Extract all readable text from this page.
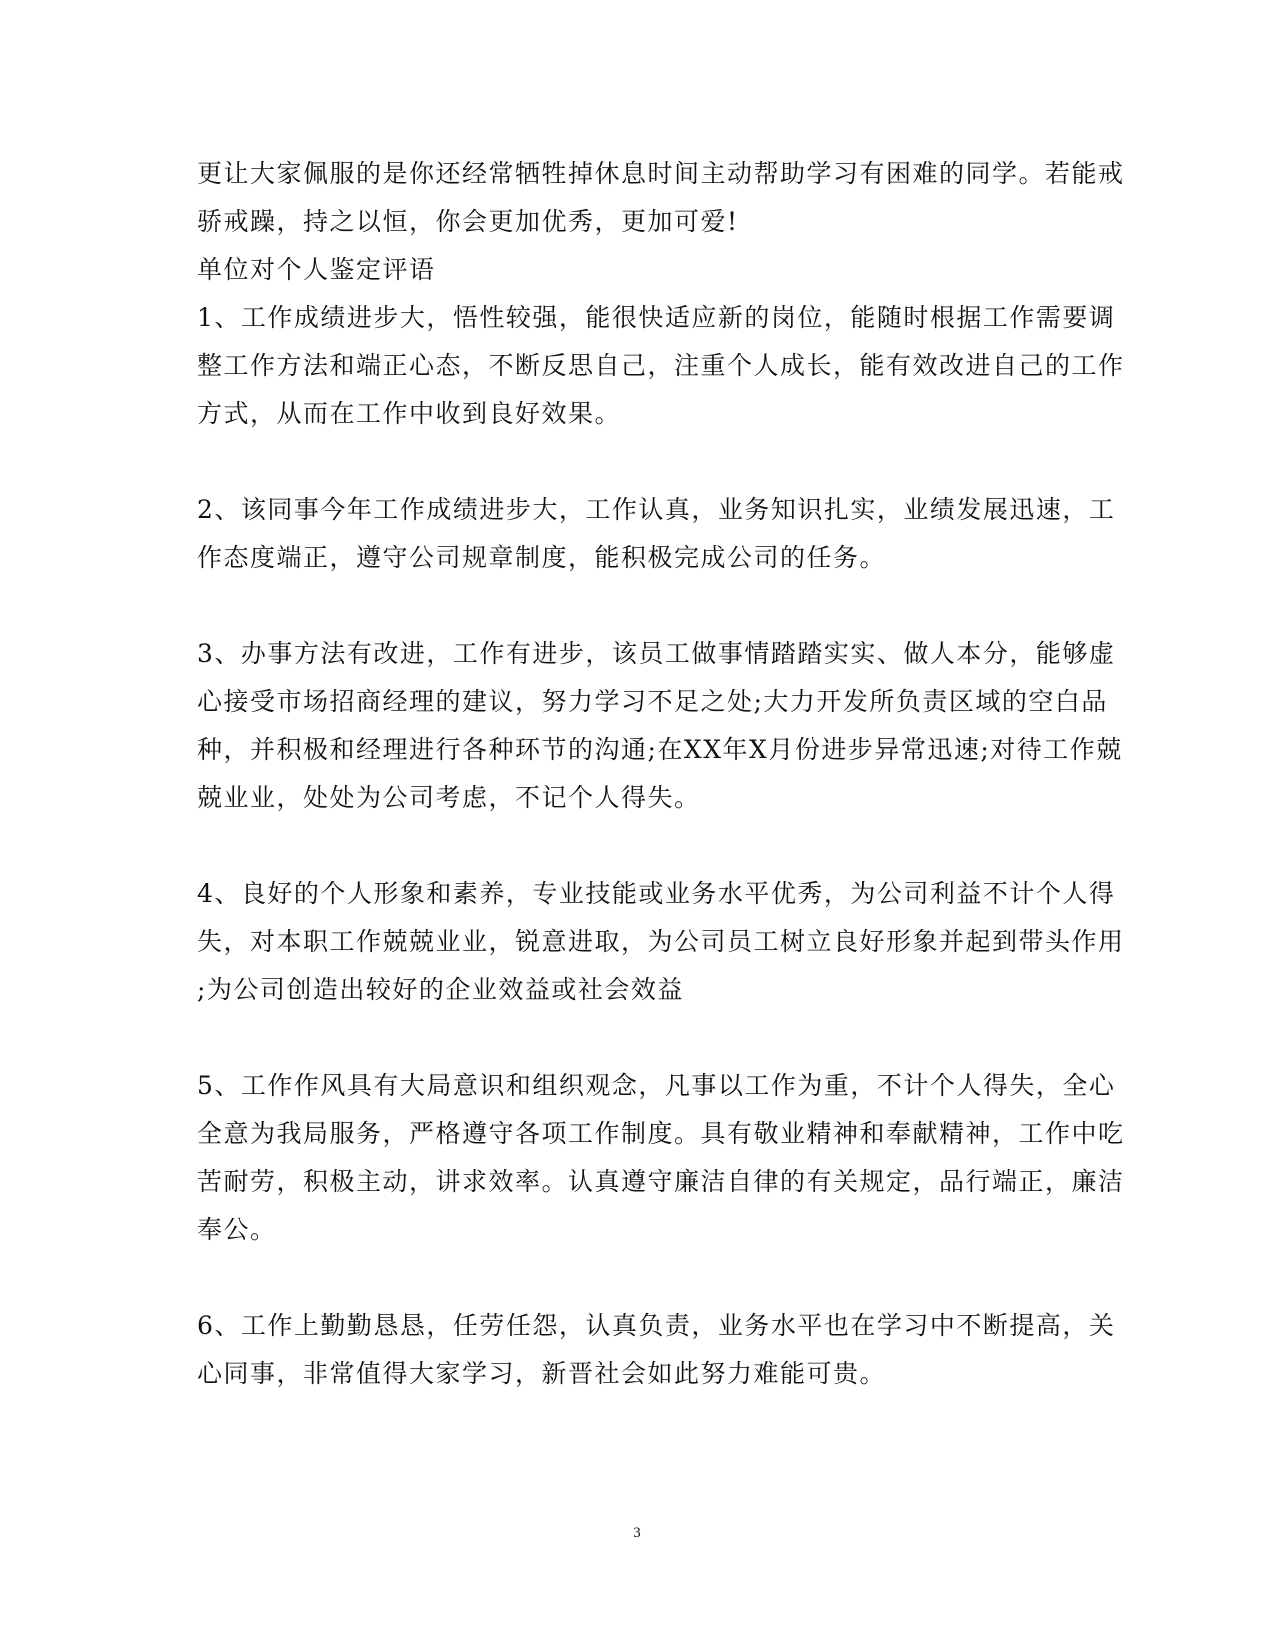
更让大家佩服的是你还经常牺牲掉休息时间主动帮助学习有困难的同学。若能戒

骄戒躁，持之以恒，你会更加优秀，更加可爱!

单位对个人鉴定评语

1、工作成绩进步大，悟性较强，能很快适应新的岗位，能随时根据工作需要调

整工作方法和端正心态，不断反思自己，注重个人成长，能有效改进自己的工作

方式，从而在工作中收到良好效果。

2、该同事今年工作成绩进步大，工作认真，业务知识扎实，业绩发展迅速，工

作态度端正，遵守公司规章制度，能积极完成公司的任务。

3、办事方法有改进，工作有进步，该员工做事情踏踏实实、做人本分，能够虚

心接受市场招商经理的建议，努力学习不足之处;大力开发所负责区域的空白品

种，并积极和经理进行各种环节的沟通;在XX年X月份进步异常迅速;对待工作兢

兢业业，处处为公司考虑，不记个人得失。

4、良好的个人形象和素养，专业技能或业务水平优秀，为公司利益不计个人得

失，对本职工作兢兢业业，锐意进取，为公司员工树立良好形象并起到带头作用

;为公司创造出较好的企业效益或社会效益

5、工作作风具有大局意识和组织观念，凡事以工作为重，不计个人得失，全心

全意为我局服务，严格遵守各项工作制度。具有敬业精神和奉献精神，工作中吃

苦耐劳，积极主动，讲求效率。认真遵守廉洁自律的有关规定，品行端正，廉洁

奉公。

6、工作上勤勤恳恳，任劳任怨，认真负责，业务水平也在学习中不断提高，关

心同事，非常值得大家学习，新晋社会如此努力难能可贵。

3
